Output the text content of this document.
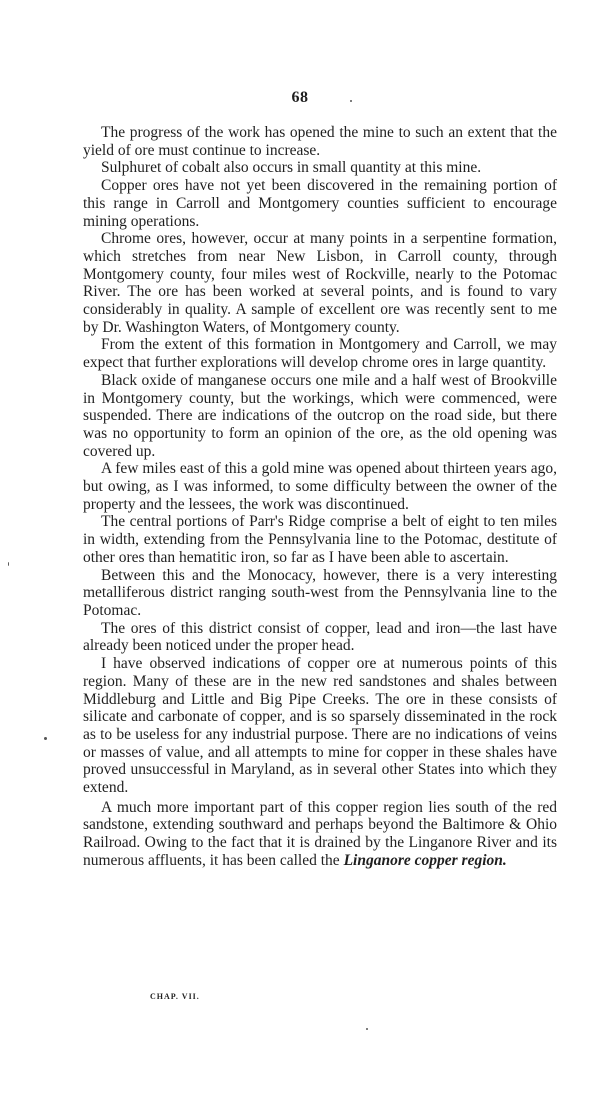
68

The progress of the work has opened the mine to such an extent that the yield of ore must continue to increase.

Sulphuret of cobalt also occurs in small quantity at this mine.

Copper ores have not yet been discovered in the remaining portion of this range in Carroll and Montgomery counties sufficient to encourage mining operations.

Chrome ores, however, occur at many points in a serpentine formation, which stretches from near New Lisbon, in Carroll county, through Montgomery county, four miles west of Rockville, nearly to the Potomac River. The ore has been worked at several points, and is found to vary considerably in quality. A sample of excellent ore was recently sent to me by Dr. Washington Waters, of Montgomery county.

From the extent of this formation in Montgomery and Carroll, we may expect that further explorations will develop chrome ores in large quantity.

Black oxide of manganese occurs one mile and a half west of Brookville in Montgomery county, but the workings, which were commenced, were suspended. There are indications of the outcrop on the road side, but there was no opportunity to form an opinion of the ore, as the old opening was covered up.

A few miles east of this a gold mine was opened about thirteen years ago, but owing, as I was informed, to some difficulty between the owner of the property and the lessees, the work was discontinued.

The central portions of Parr's Ridge comprise a belt of eight to ten miles in width, extending from the Pennsylvania line to the Potomac, destitute of other ores than hematitic iron, so far as I have been able to ascertain.

Between this and the Monocacy, however, there is a very interesting metalliferous district ranging south-west from the Pennsylvania line to the Potomac.

The ores of this district consist of copper, lead and iron—the last have already been noticed under the proper head.

I have observed indications of copper ore at numerous points of this region. Many of these are in the new red sandstones and shales between Middleburg and Little and Big Pipe Creeks. The ore in these consists of silicate and carbonate of copper, and is so sparsely disseminated in the rock as to be useless for any industrial purpose. There are no indications of veins or masses of value, and all attempts to mine for copper in these shales have proved unsuccessful in Maryland, as in several other States into which they extend.

A much more important part of this copper region lies south of the red sandstone, extending southward and perhaps beyond the Baltimore & Ohio Railroad. Owing to the fact that it is drained by the Linganore River and its numerous affluents, it has been called the Linganore copper region.

CHAP. VII.
